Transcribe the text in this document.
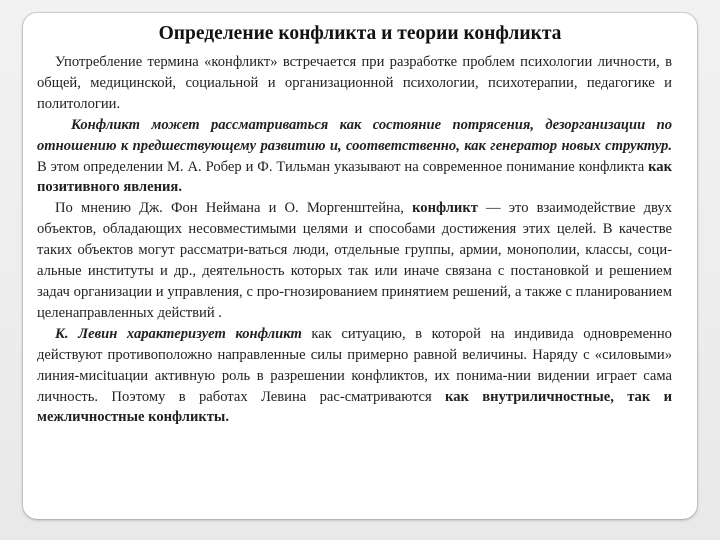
Определение конфликта и теории конфликта

Употребление термина «конфликт» встречается при разработке проблем психологии личности, в общей, медицинской, социальной и организационной психологии, психотерапии, педагогике и политологии.

Конфликт может рассматриваться как состояние потрясения, дезорганизации по отношению к предшествующему развитию и, соответственно, как генератор новых структур. В этом определении М. А. Робер и Ф. Тильман указывают на современное понимание конфликта как позитивного явления.

По мнению Дж. Фон Неймана и О. Моргенштейна, конфликт — это взаимодействие двух объектов, обладающих несовместимыми целями и способами достижения этих целей. В качестве таких объектов могут рассматри-ваться люди, отдельные группы, армии, монополии, классы, соци-альные институты и др., деятельность которых так или иначе связана с постановкой и решением задач организации и управления, с про-гнозированием принятием решений, а также с планированием целенаправленных действий .

К. Левин характеризует конфликт как ситуацию, в которой на индивида одновременно действуют противоположно направленные силы примерно равной величины. Наряду с «силовыми» линия-мисituации активную роль в разрешении конфликтов, их понима-нии видении играет сама личность. Поэтому в работах Левина рас-сматриваются как внутриличностные, так и межличностные конфликты.
